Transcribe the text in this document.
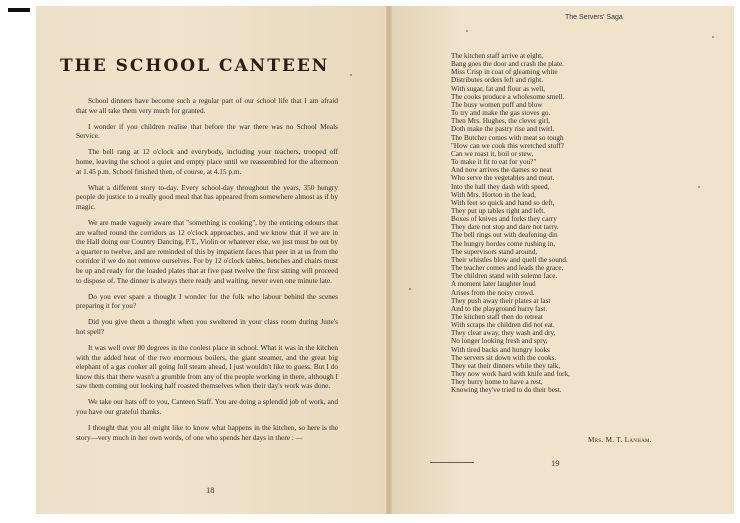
THE SCHOOL CANTEEN

School dinners have become such a regular part of our school life that I am afraid that we all take them very much for granted.

I wonder if you children realise that before the war there was no School Meals Service.

The bell rang at 12 o'clock and everybody, including your teachers, trooped off home, leaving the school a quiet and empty place until we reassembled for the afternoon at 1.45 p.m. School finished then, of course, at 4.15 p.m.

What a different story to-day. Every school-day throughout the years, 350 hungry people do justice to a really good meal that has appeared from somewhere almost as if by magic.

We are made vaguely aware that "something is cooking", by the enticing odours that are wafted round the corridors as 12 o'clock approaches, and we know that if we are in the Hall doing our Country Dancing, P.T., Violin or whatever else, we just must be out by a quarter to twelve, and are reminded of this by impatient faces that peer in at us from the corridor if we do not remove ourselves. For by 12 o'clock tables, benches and chairs must be up and ready for the loaded plates that at five past twelve the first sitting will proceed to dispose of. The dinner is always there ready and waiting, never even one minute late.

Do you ever spare a thought I wonder for the folk who labour behind the scenes preparing it for you?

Did you give them a thought when you sweltered in your class room during June's hot spell?

It was well over 80 degrees in the coolest place in school. What it was in the kitchen with the added heat of the two enormous boilers, the giant steamer, and the great big elephant of a gas cooker all going full steam ahead, I just wouldn't like to guess. But I do know this that there wasn't a grumble from any of the people working in there, although I saw them coming out looking half roasted themselves when their day's work was done.

We take our hats off to you, Canteen Staff. You are doing a splendid job of work, and you have our grateful thanks.

I thought that you all might like to know what happens in the kitchen, so here is the story—very much in her own words, of one who spends her days in there : —

18
The Servers' Saga
The kitchen staff arrive at eight,
Bang goes the door and crash the plate.
Miss Crisp in coat of gleaming white
Distributes orders left and right.
With sugar, fat and flour as well,
The cooks produce a wholesome smell.
The busy women puff and blow
To try and make the gas stoves go.
Then Mrs. Hughes, the clever girl,
Doth make the pastry rise and twirl.
The Butcher comes with meat so tough
"How can we cook this wretched stuff?
Can we roast it, boil or stew,
To make it fit to eat for you?"
And now arrives the dames so neat
Who serve the vegetables and meat.
Into the hall they dash with speed,
With Mrs. Horton in the lead,
With feet so quick and hand so deft,
They put up tables right and left.
Boxes of knives and forks they carry
They dare not stop and dare not tarry.
The bell rings out with deafening din
The hungry hordes come rushing in,
The supervisors stand around,
Their whistles blow and quell the sound.
The teacher comes and leads the grace,
The children stand with solemn face.
A moment later laughter loud
Arises from the noisy crowd.
They push away their plates at last
And to the playground hurry fast.
The kitchen staff then do retreat
With scraps the children did not eat.
They clear away, they wash and dry,
No longer looking fresh and spry,
With tired backs and hungry looks
The servers sit down with the cooks.
They eat their dinners while they talk,
They now work hard with knife and fork,
They hurry home to have a rest,
Knowing they've tried to do their best.
Mrs. M. T. Lanham.
19
